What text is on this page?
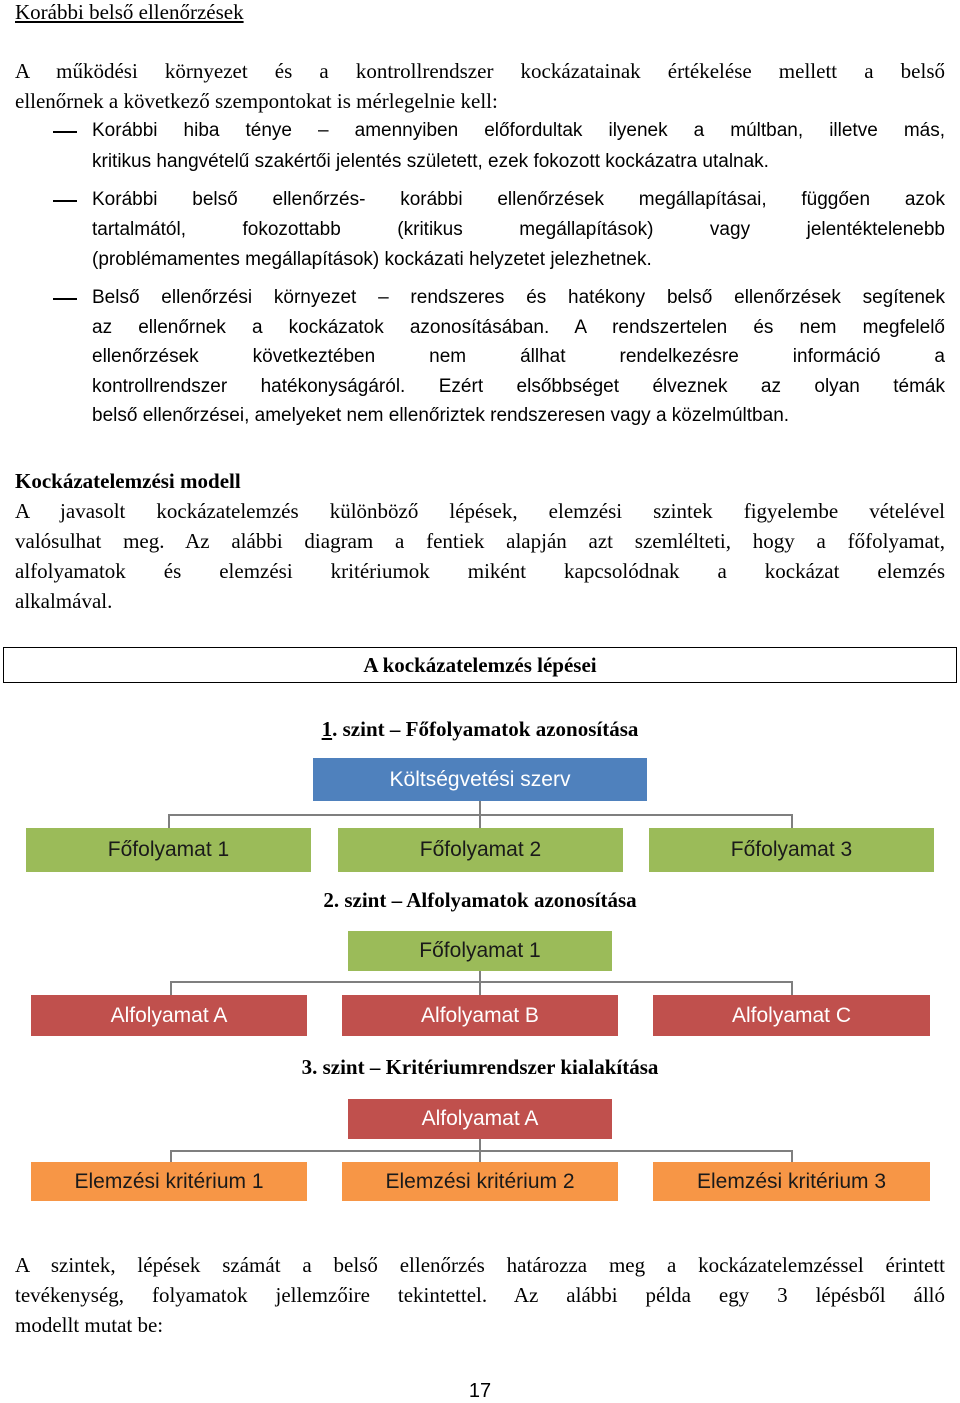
Korábbi belső ellenőrzések
A működési környezet és a kontrollrendszer kockázatainak értékelése mellett a belső
ellenőrnek a következő szempontokat is mérlegelnie kell:
Korábbi hiba ténye – amennyiben előfordultak ilyenek a múltban, illetve más,
kritikus hangvételű szakértői jelentés született, ezek fokozott kockázatra utalnak.
Korábbi belső ellenőrzés- korábbi ellenőrzések megállapításai, függően azok
tartalmától, fokozottabb (kritikus megállapítások) vagy jelentéktelenebb
(problémamentes megállapítások) kockázati helyzetet jelezhetnek.
Belső ellenőrzési környezet – rendszeres és hatékony belső ellenőrzések segítenek
az ellenőrnek a kockázatok azonosításában. A rendszertelen és nem megfelelő
ellenőrzések következtében nem állhat rendelkezésre információ a
kontrollrendszer hatékonyságáról. Ezért elsőbbséget élveznek az olyan témák
belső ellenőrzései, amelyeket nem ellenőriztek rendszeresen vagy a közelmúltban.
Kockázatelemzési modell
A javasolt kockázatelemzés különböző lépések, elemzési szintek figyelembe vételével
valósulhat meg. Az alábbi diagram a fentiek alapján azt szemlélteti, hogy a főfolyamat,
alfolyamatok és elemzési kritériumok miként kapcsolódnak a kockázat elemzés
alkalmával.
A kockázatelemzés lépései
1. szint – Főfolyamatok azonosítása
Költségvetési szerv
Főfolyamat 1	Főfolyamat 2	Főfolyamat 3
2. szint – Alfolyamatok azonosítása
Főfolyamat 1
Alfolyamat A	Alfolyamat B	Alfolyamat C
3. szint – Kritériumrendszer kialakítása
Alfolyamat A
Elemzési kritérium 1	Elemzési kritérium 2	Elemzési kritérium 3
A szintek, lépések számát a belső ellenőrzés határozza meg a kockázatelemzéssel érintett
tevékenység, folyamatok jellemzőire tekintettel. Az alábbi példa egy 3 lépésből álló
modellt mutat be:
17
